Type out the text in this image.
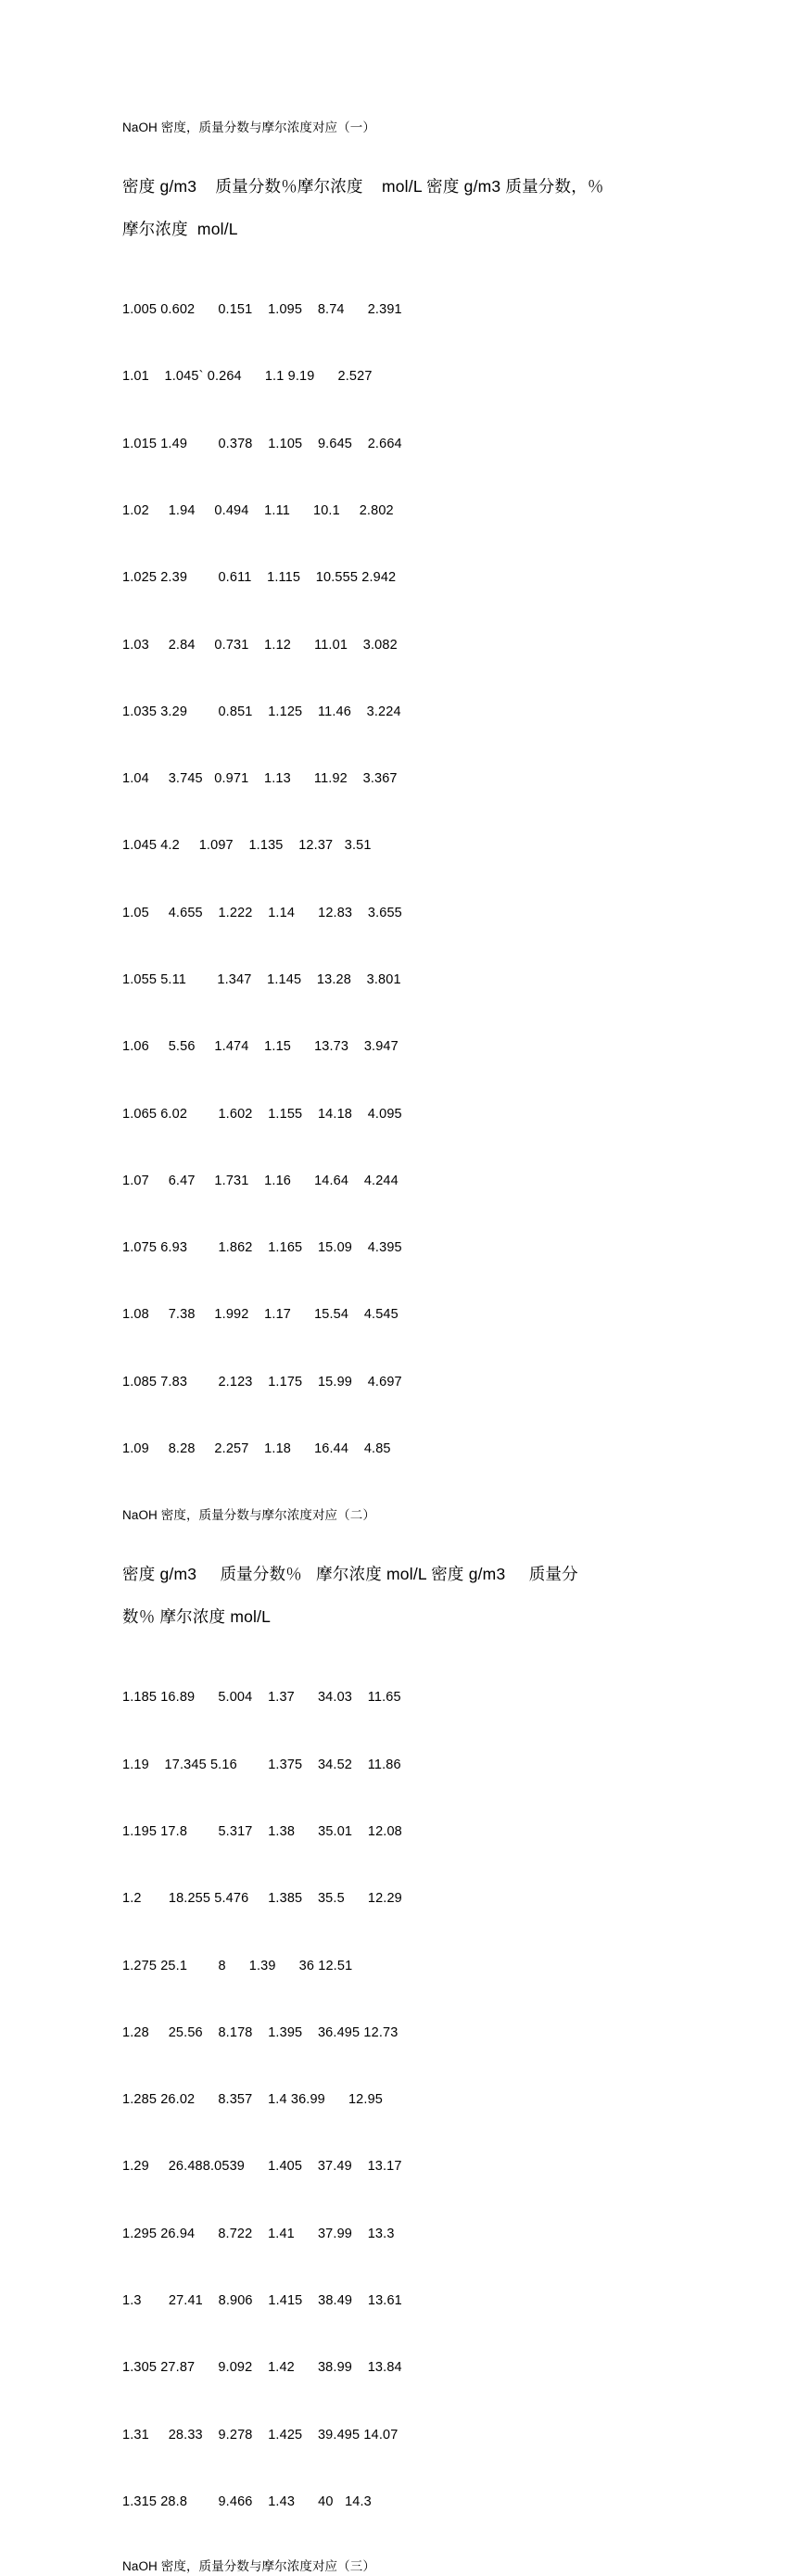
NaOH 密度，质量分数与摩尔浓度对应（一）
密度 g/m3    质量分数％摩尔浓度    mol/L 密度 g/m3 质量分数，％
摩尔浓度  mol/L

1.005 0.602      0.151    1.095    8.74      2.391

1.01    1.045` 0.264      1.1 9.19      2.527

1.015 1.49        0.378    1.105    9.645    2.664

1.02     1.94     0.494    1.11      10.1     2.802

1.025 2.39        0.611    1.115    10.555 2.942

1.03     2.84     0.731    1.12      11.01    3.082

1.035 3.29        0.851    1.125    11.46    3.224

1.04     3.745   0.971    1.13      11.92    3.367

1.045 4.2     1.097    1.135    12.37   3.51

1.05     4.655    1.222    1.14      12.83    3.655

1.055 5.11        1.347    1.145    13.28    3.801

1.06     5.56     1.474    1.15      13.73    3.947

1.065 6.02        1.602    1.155    14.18    4.095

1.07     6.47     1.731    1.16      14.64    4.244

1.075 6.93        1.862    1.165    15.09    4.395

1.08     7.38     1.992    1.17      15.54    4.545

1.085 7.83        2.123    1.175    15.99    4.697

1.09     8.28     2.257    1.18      16.44    4.85

NaOH 密度，质量分数与摩尔浓度对应（二）
密度 g/m3     质量分数％   摩尔浓度 mol/L 密度 g/m3     质量分
数％ 摩尔浓度 mol/L

1.185 16.89      5.004    1.37      34.03    11.65

1.19    17.345 5.16        1.375    34.52    11.86

1.195 17.8        5.317    1.38      35.01    12.08

1.2       18.255 5.476     1.385    35.5      12.29

1.275 25.1        8      1.39      36 12.51

1.28     25.56    8.178    1.395    36.495 12.73

1.285 26.02      8.357    1.4 36.99      12.95

1.29     26.488.0539      1.405    37.49    13.17

1.295 26.94      8.722    1.41      37.99    13.3

1.3       27.41    8.906    1.415    38.49    13.61

1.305 27.87      9.092    1.42      38.99    13.84

1.31     28.33    9.278    1.425    39.495 14.07

1.315 28.8        9.466    1.43      40   14.3

NaOH 密度，质量分数与摩尔浓度对应（三）
